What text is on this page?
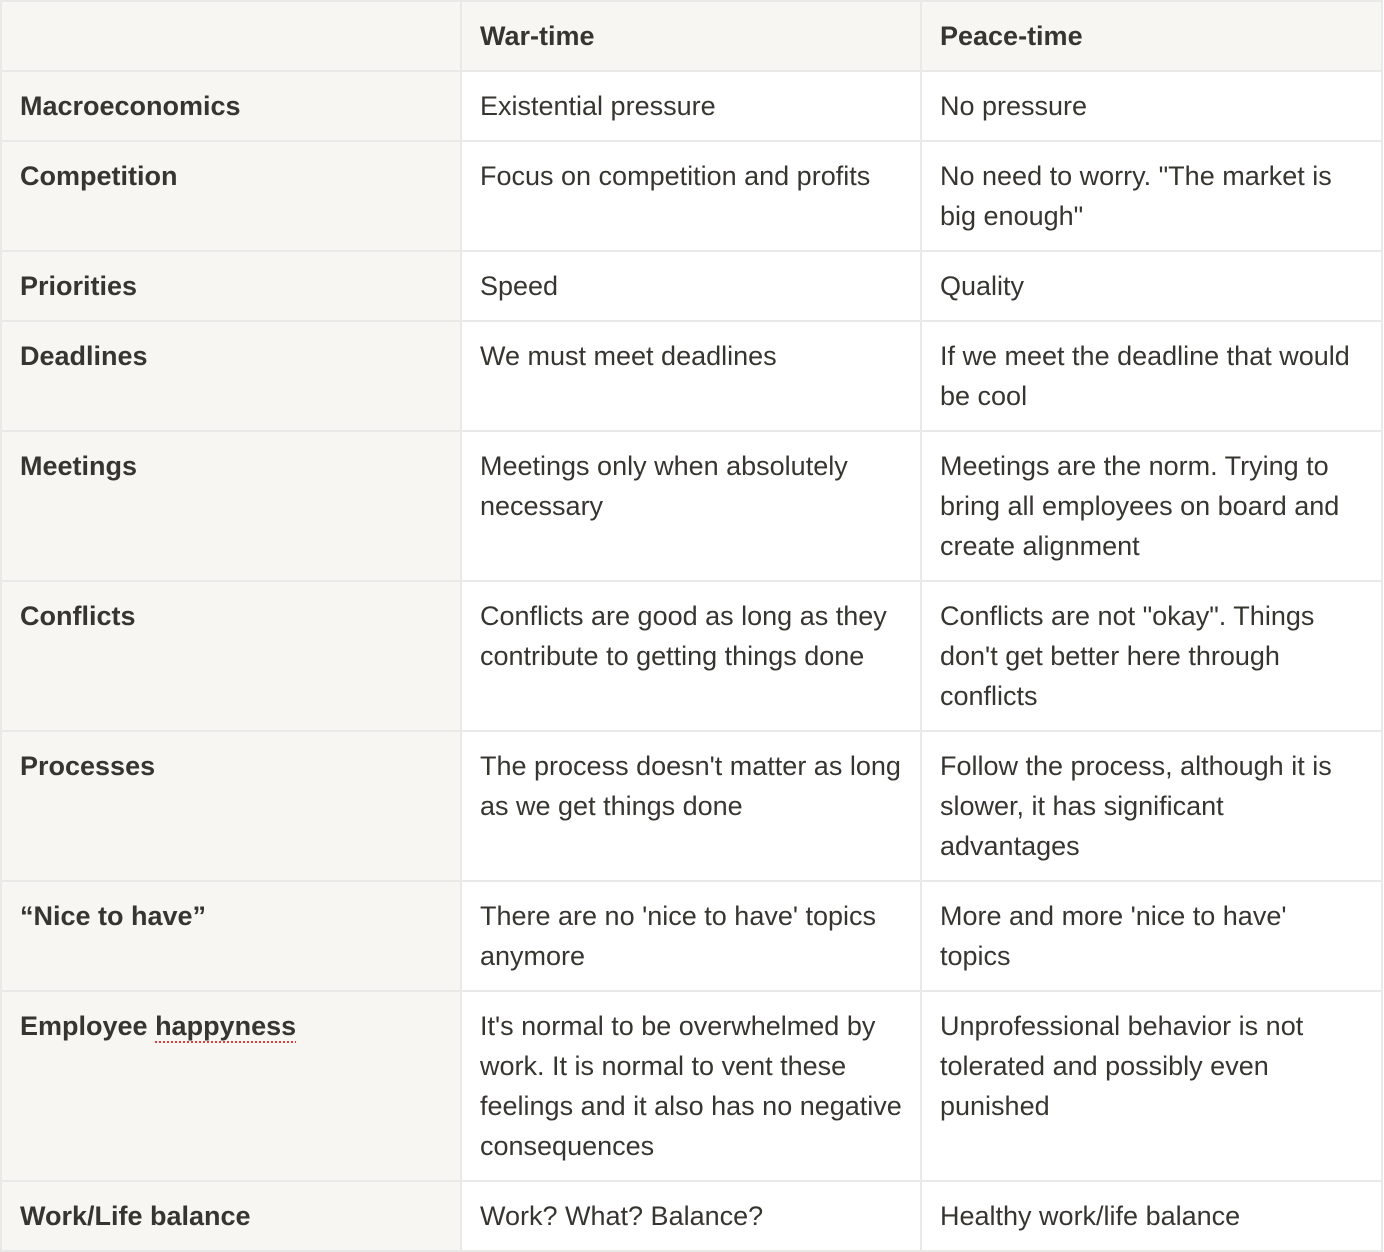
	War-time	Peace-time
Macroeconomics	Existential pressure	No pressure
Competition	Focus on competition and profits	No need to worry. "The market is big enough"
Priorities	Speed	Quality
Deadlines	We must meet deadlines	If we meet the deadline that would be cool
Meetings	Meetings only when absolutely necessary	Meetings are the norm. Trying to bring all employees on board and create alignment
Conflicts	Conflicts are good as long as they contribute to getting things done	Conflicts are not "okay". Things don't get better here through conflicts
Processes	The process doesn't matter as long as we get things done	Follow the process, although it is slower, it has significant advantages
“Nice to have”	There are no 'nice to have' topics anymore	More and more 'nice to have' topics
Employee happyness	It's normal to be overwhelmed by work. It is normal to vent these feelings and it also has no negative consequences	Unprofessional behavior is not tolerated and possibly even punished
Work/Life balance	Work? What? Balance?	Healthy work/life balance
